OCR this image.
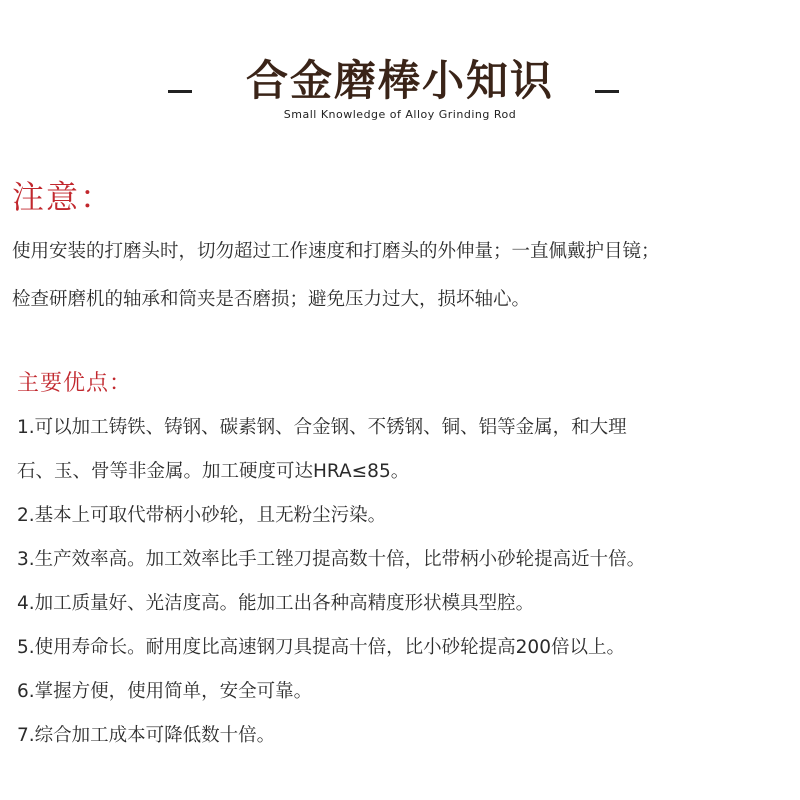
合金磨棒小知识
Small Knowledge of Alloy Grinding Rod
注意：
使用安装的打磨头时，切勿超过工作速度和打磨头的外伸量；一直佩戴护目镜；
检查研磨机的轴承和筒夹是否磨损；避免压力过大，损坏轴心。
主要优点：
1.可以加工铸铁、铸钢、碳素钢、合金钢、不锈钢、铜、铝等金属，和大理
石、玉、骨等非金属。加工硬度可达HRA≤85。
2.基本上可取代带柄小砂轮，且无粉尘污染。
3.生产效率高。加工效率比手工锉刀提高数十倍，比带柄小砂轮提高近十倍。
4.加工质量好、光洁度高。能加工出各种高精度形状模具型腔。
5.使用寿命长。耐用度比高速钢刀具提高十倍，比小砂轮提高200倍以上。
6.掌握方便，使用简单，安全可靠。
7.综合加工成本可降低数十倍。
